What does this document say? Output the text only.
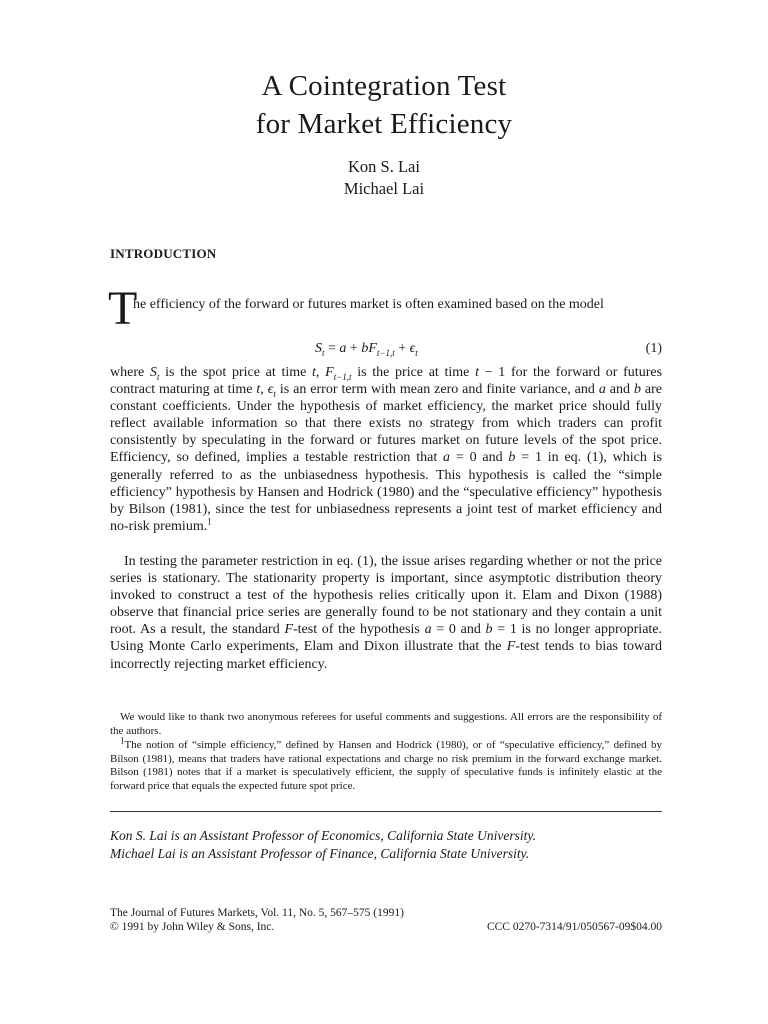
A Cointegration Test
for Market Efficiency
Kon S. Lai
Michael Lai
INTRODUCTION
T
he efficiency of the forward or futures market is often examined based on the model
$S_t = a + bF_{t-1,t} + \epsilon_t$	(1)
where $S_t$ is the spot price at time t, $F_{t-1,t}$ is the price at time t − 1 for the forward or futures contract maturing at time t, $\epsilon_t$ is an error term with mean zero and finite variance, and a and b are constant coefficients. Under the hypothesis of market efficiency, the market price should fully reflect available information so that there exists no strategy from which traders can profit consistently by speculating in the forward or futures market on future levels of the spot price. Efficiency, so defined, implies a testable restriction that a = 0 and b = 1 in eq. (1), which is generally referred to as the unbiasedness hypothesis. This hypothesis is called the “simple efficiency” hypothesis by Hansen and Hodrick (1980) and the “speculative efficiency” hypothesis by Bilson (1981), since the test for unbiasedness represents a joint test of market efficiency and no-risk premium.$^1$
In testing the parameter restriction in eq. (1), the issue arises regarding whether or not the price series is stationary. The stationarity property is important, since asymptotic distribution theory invoked to construct a test of the hypothesis relies critically upon it. Elam and Dixon (1988) observe that financial price series are generally found to be not stationary and they contain a unit root. As a result, the standard F-test of the hypothesis a = 0 and b = 1 is no longer appropriate. Using Monte Carlo experiments, Elam and Dixon illustrate that the F-test tends to bias toward incorrectly rejecting market efficiency.
We would like to thank two anonymous referees for useful comments and suggestions. All errors are the responsibility of the authors.
$^1$The notion of “simple efficiency,” defined by Hansen and Hodrick (1980), or of “speculative efficiency,” defined by Bilson (1981), means that traders have rational expectations and charge no risk premium in the forward exchange market. Bilson (1981) notes that if a market is speculatively efficient, the supply of speculative funds is infinitely elastic at the forward price that equals the expected future spot price.
Kon S. Lai is an Assistant Professor of Economics, California State University.
Michael Lai is an Assistant Professor of Finance, California State University.
The Journal of Futures Markets, Vol. 11, No. 5, 567–575 (1991)
© 1991 by John Wiley & Sons, Inc.	CCC 0270-7314/91/050567-09$04.00
